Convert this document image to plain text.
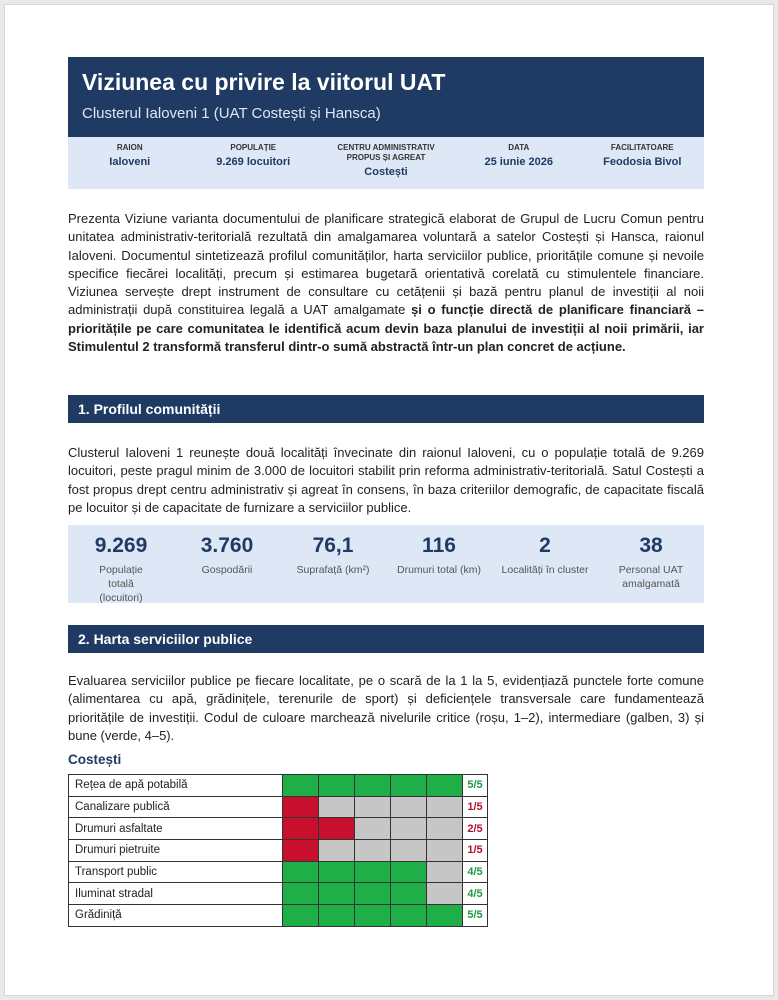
Viziunea cu privire la viitorul UAT
Clusterul Ialoveni 1 (UAT Costești și Hansca)
RAION
Ialoveni
POPULAȚIE
9.269 locuitori
CENTRU ADMINISTRATIV PROPUS ȘI AGREAT
Costești
DATA
25 iunie 2026
FACILITATOARE
Feodosia Bivol
Prezenta Viziune varianta documentului de planificare strategică elaborat de Grupul de Lucru Comun pentru unitatea administrativ-teritorială rezultată din amalgamarea voluntară a satelor Costești și Hansca, raionul Ialoveni. Documentul sintetizează profilul comunităților, harta serviciilor publice, prioritățile comune și nevoile specifice fiecărei localități, precum și estimarea bugetară orientativă corelată cu stimulentele financiare. Viziunea servește drept instrument de consultare cu cetățenii și bază pentru planul de investiții al noii administrații după constituirea legală a UAT amalgamate și o funcție directă de planificare financiară – prioritățile pe care comunitatea le identifică acum devin baza planului de investiții al noii primării, iar Stimulentul 2 transformă transferul dintr-o sumă abstractă într-un plan concret de acțiune.
1. Profilul comunității
Clusterul Ialoveni 1 reunește două localități învecinate din raionul Ialoveni, cu o populație totală de 9.269 locuitori, peste pragul minim de 3.000 de locuitori stabilit prin reforma administrativ-teritorială. Satul Costești a fost propus drept centru administrativ și agreat în consens, în baza criteriilor demografic, de capacitate fiscală pe locuitor și de capacitate de furnizare a serviciilor publice.
9.269
Populație totală (locuitori)
3.760
Gospodării
76,1
Suprafață (km²)
116
Drumuri total (km)
2
Localități în cluster
38
Personal UAT amalgamată
2. Harta serviciilor publice
Evaluarea serviciilor publice pe fiecare localitate, pe o scară de la 1 la 5, evidențiază punctele forte comune (alimentarea cu apă, grădinițele, terenurile de sport) și deficiențele transversale care fundamentează prioritățile de investiții. Codul de culoare marchează nivelurile critice (roșu, 1–2), intermediare (galben, 3) și bune (verde, 4–5).
Costești
Rețea de apă potabilă						5/5
Canalizare publică						1/5
Drumuri asfaltate						2/5
Drumuri pietruite						1/5
Transport public						4/5
Iluminat stradal						4/5
Grădiniță						5/5
